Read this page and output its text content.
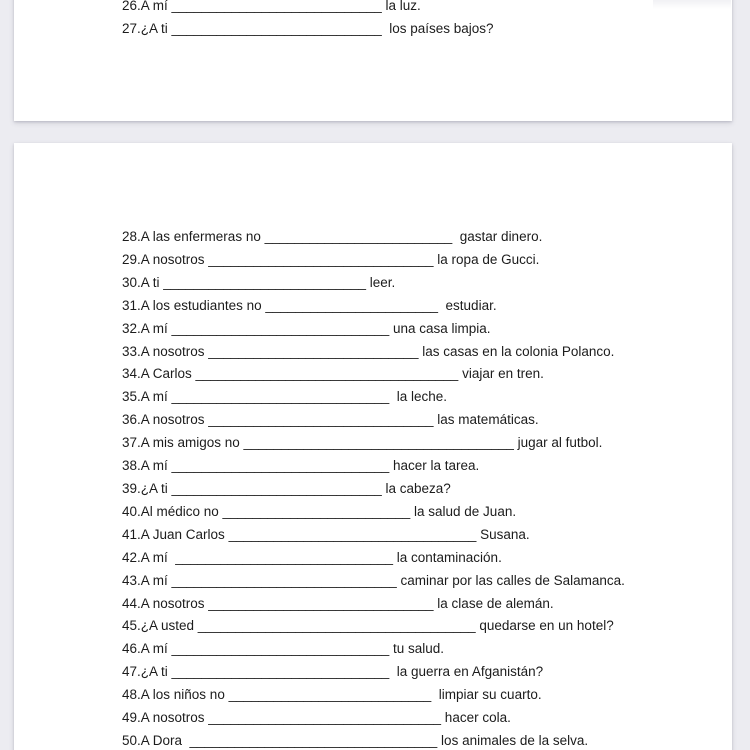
26.A mí ____________________________ la luz.
27.¿A ti ____________________________  los países bajos?
28.A las enfermeras no _________________________  gastar dinero.
29.A nosotros ______________________________ la ropa de Gucci.
30.A ti ___________________________ leer.
31.A los estudiantes no _______________________  estudiar.
32.A mí _____________________________ una casa limpia.
33.A nosotros ____________________________ las casas en la colonia Polanco.
34.A Carlos ___________________________________ viajar en tren.
35.A mí _____________________________  la leche.
36.A nosotros ______________________________ las matemáticas.
37.A mis amigos no ____________________________________ jugar al futbol.
38.A mí _____________________________ hacer la tarea.
39.¿A ti ____________________________ la cabeza?
40.Al médico no _________________________ la salud de Juan.
41.A Juan Carlos _________________________________ Susana.
42.A mí  _____________________________ la contaminación.
43.A mí ______________________________ caminar por las calles de Salamanca.
44.A nosotros ______________________________ la clase de alemán.
45.¿A usted _____________________________________ quedarse en un hotel?
46.A mí _____________________________ tu salud.
47.¿A ti _____________________________  la guerra en Afganistán?
48.A los niños no ___________________________  limpiar su cuarto.
49.A nosotros _______________________________ hacer cola.
50.A Dora  _________________________________ los animales de la selva.
